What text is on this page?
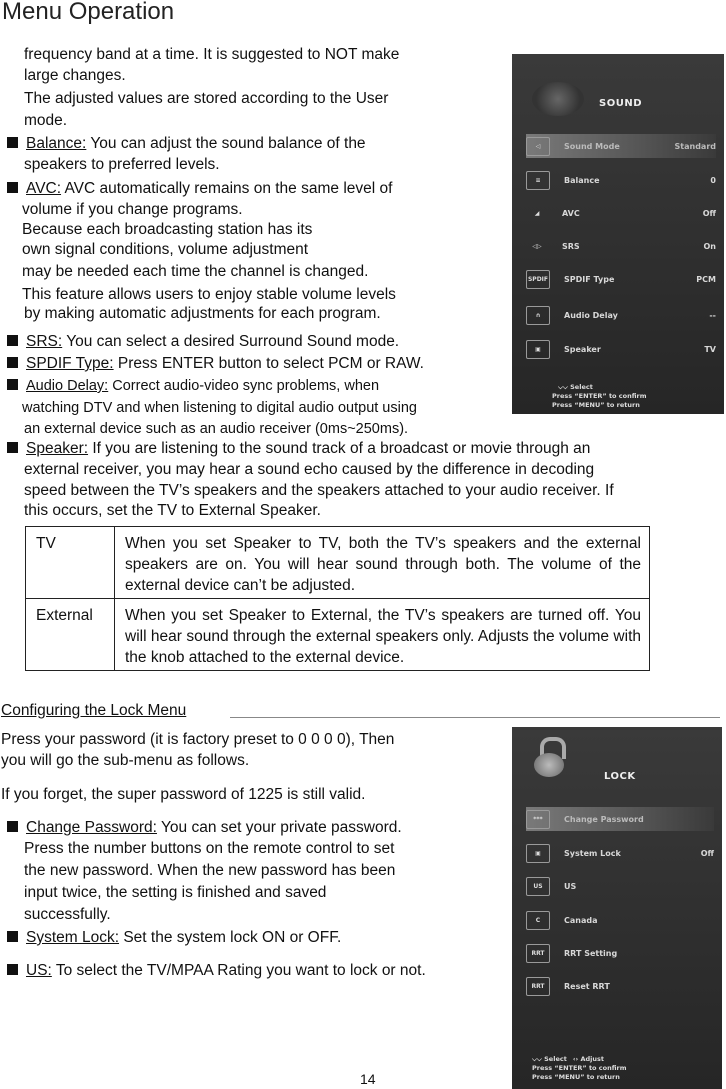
Menu Operation
frequency band at a time. It is suggested to NOT make
large changes.
The adjusted values are stored according to the User
mode.
Balance: You can adjust the sound balance of the
speakers to preferred levels.
AVC: AVC automatically remains on the same level of
volume if you change programs.
Because each broadcasting station has its
own signal conditions, volume adjustment
may be needed each time the channel is changed.
This feature allows users to enjoy stable volume levels
by making automatic adjustments for each program.
SRS: You can select a desired Surround Sound mode.
SPDIF Type: Press ENTER button to select PCM or RAW.
Audio Delay: Correct audio-video sync problems, when
watching DTV and when listening to digital audio output using
an external device such as an audio receiver (0ms~250ms).
Speaker: If you are listening to the sound track of a broadcast or movie through an
external receiver, you may hear a sound echo caused by the difference in decoding
speed between the TV’s speakers and the speakers attached to your audio receiver. If
this occurs, set the TV to External Speaker.
TV	When you set Speaker to TV, both the TV’s speakers and the external speakers are on. You will hear sound through both. The volume of the external device can’t be adjusted.
External	When you set Speaker to External, the TV’s speakers are turned off. You will hear sound through the external speakers only. Adjusts the volume with the knob attached to the external device.
Configuring the Lock Menu
Press your password (it is factory preset to 0 0 0 0), Then
you will go the sub-menu as follows.
If you forget, the super password of 1225 is still valid.
Change Password: You can set your private password.
Press the number buttons on the remote control to set
the new password. When the new password has been
input twice, the setting is finished and saved
successfully.
System Lock: Set the system lock ON or OFF.
US: To select the TV/MPAA Rating you want to lock or not.
SOUND
◁	Sound Mode	Standard
≡	Balance	0
◢	AVC	Off
◁▷	SRS	On
SPDIF SPDIF Type	PCM
∩	Audio Delay	--
▣	Speaker	TV
⌵⌵ Select
Press “ENTER” to confirm
Press “MENU” to return
LOCK
***	Change Password
▣	System Lock	Off
US	US
C	Canada
RRT	RRT Setting
RRT	Reset RRT
⌵⌵ Select ‹› Adjust
Press “ENTER” to confirm
Press “MENU” to return
14
